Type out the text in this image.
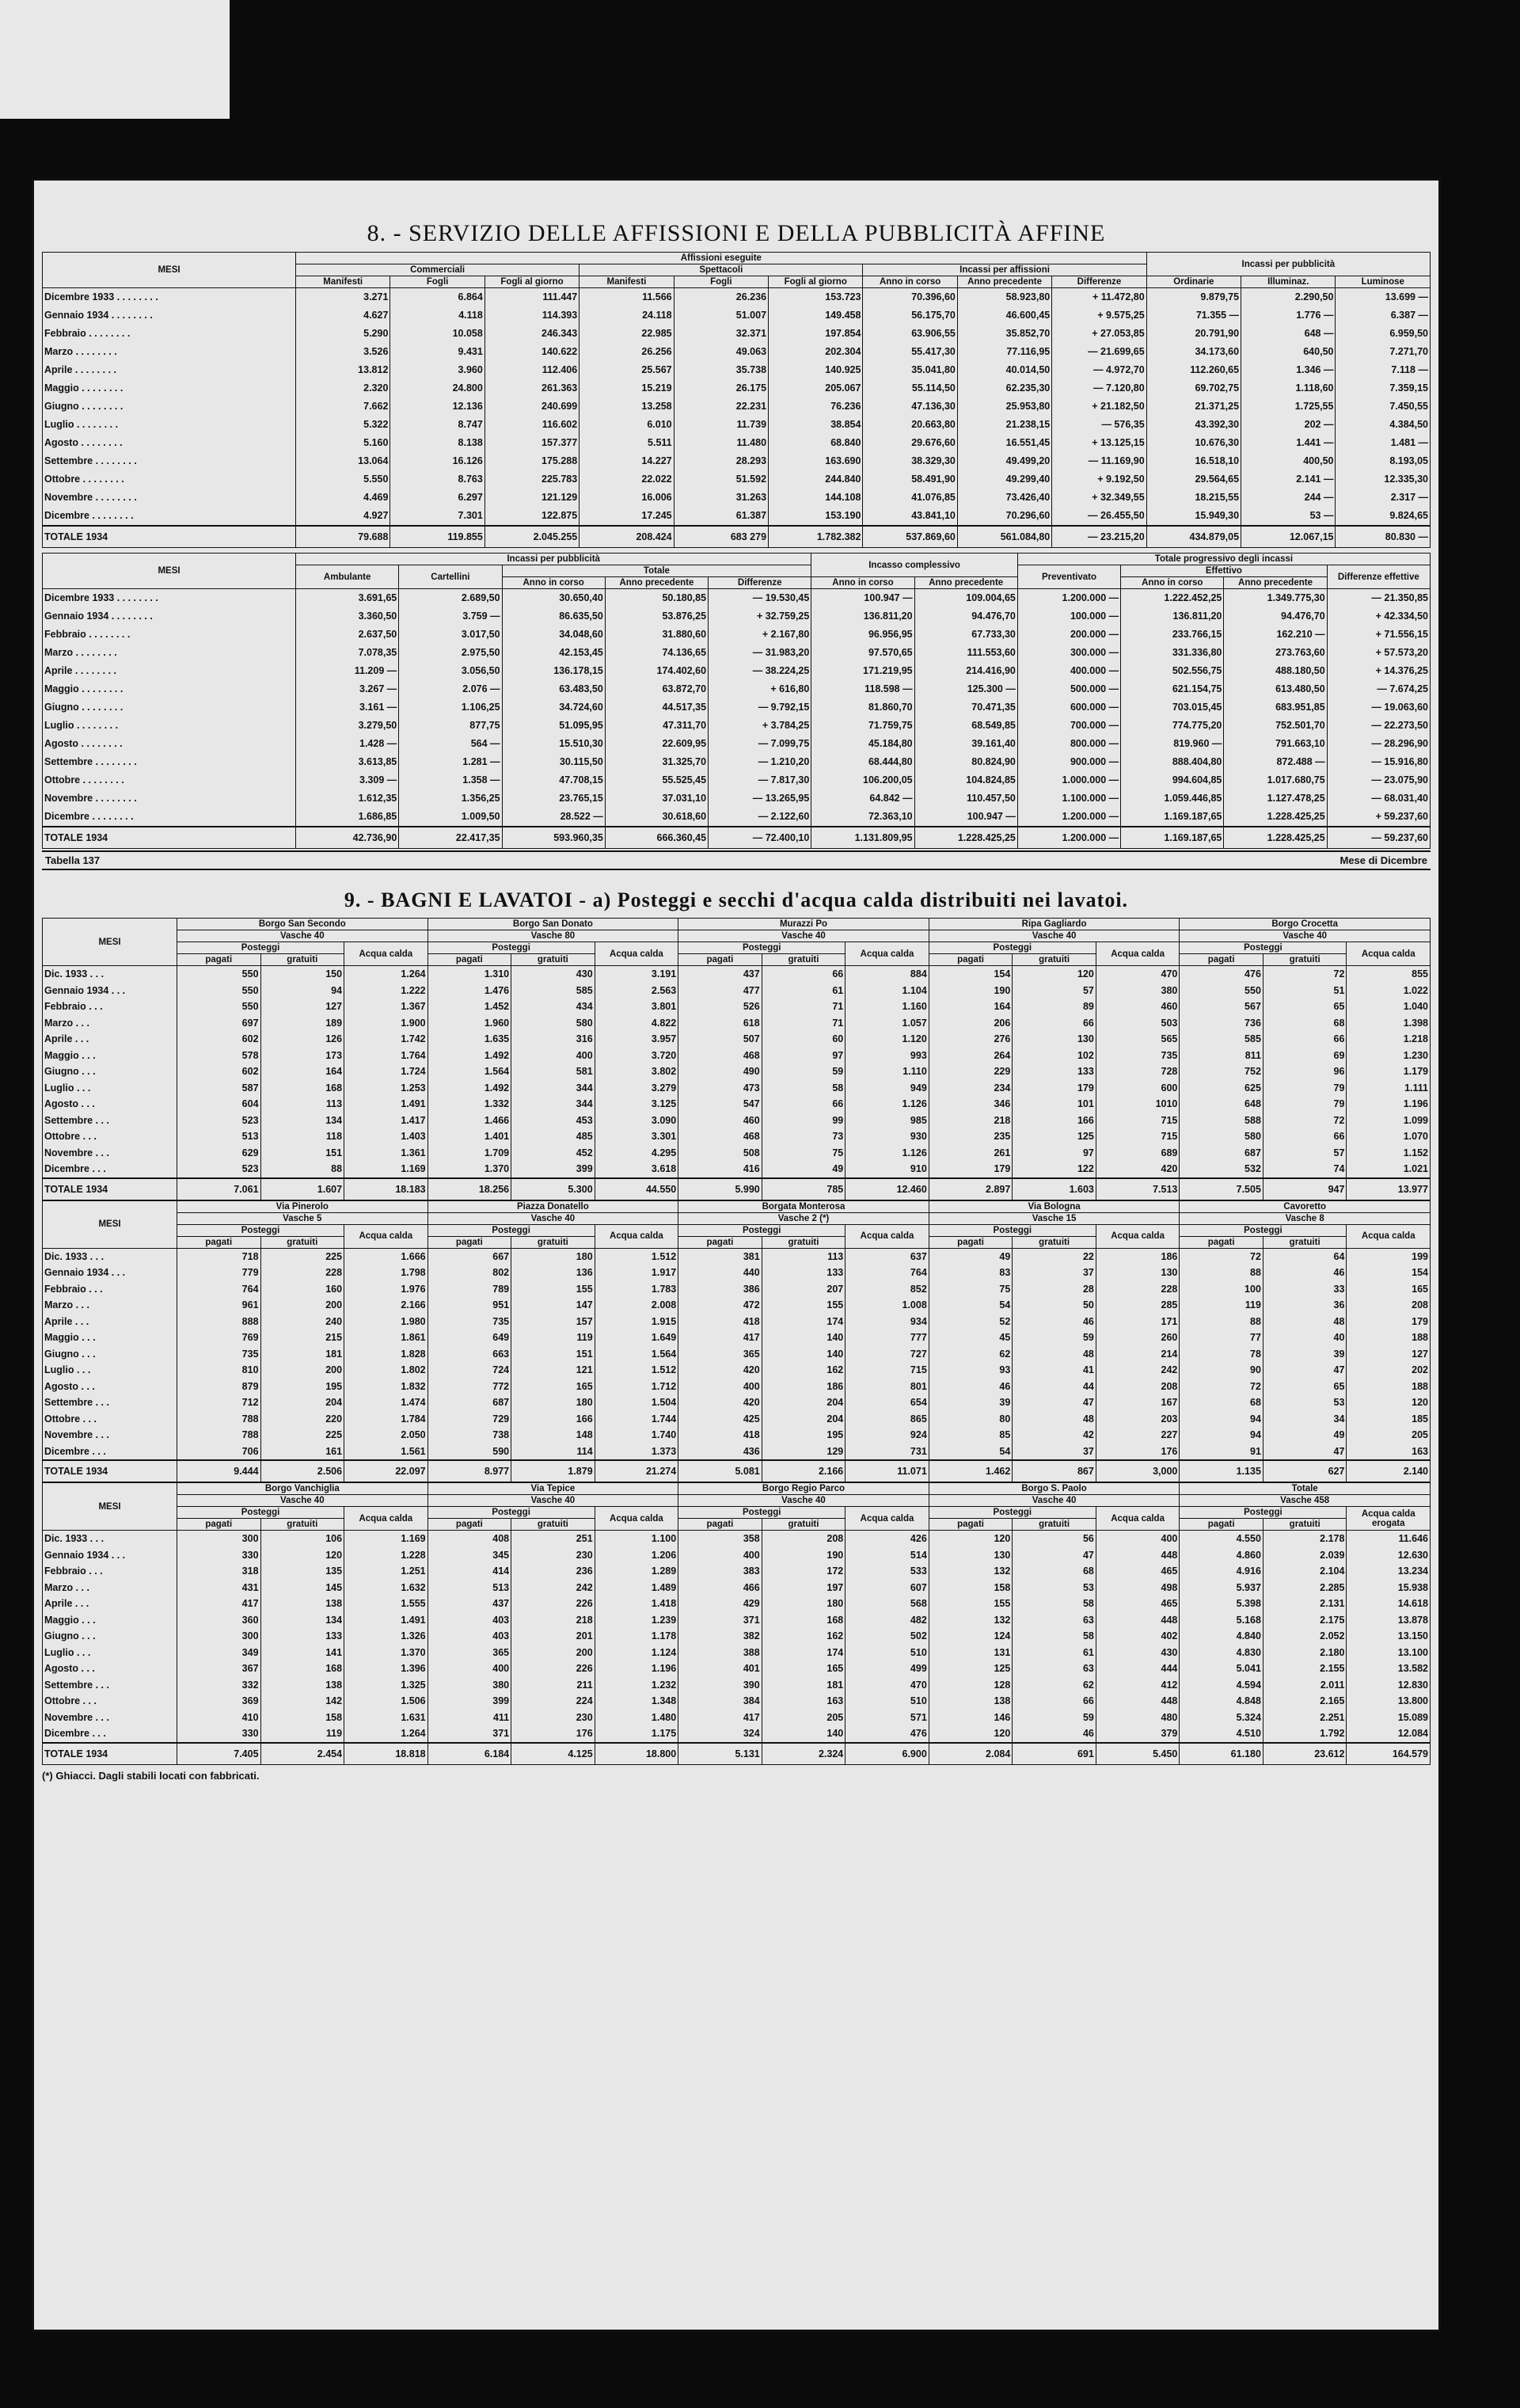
8. - SERVIZIO DELLE AFFISSIONI E DELLA PUBBLICITÀ AFFINE
MESI	Affissioni eseguite									Incassi per pubblicità		
	Commerciali			Spettacoli			Incassi per affissioni					
	Manifesti	Fogli	Fogli al giorno	Manifesti	Fogli	Fogli al giorno	Anno in corso	Anno precedente	Differenze	Ordinarie	Illuminaz.	Luminose
Dicembre 1933 . . . . . . . .	3.271	6.864	111.447	11.566	26.236	153.723	70.396,60	58.923,80	+ 11.472,80	9.879,75	2.290,50	13.699 —
Gennaio 1934 . . . . . . . .	4.627	4.118	114.393	24.118	51.007	149.458	56.175,70	46.600,45	+ 9.575,25	71.355 —	1.776 —	6.387 —
Febbraio . . . . . . . .	5.290	10.058	246.343	22.985	32.371	197.854	63.906,55	35.852,70	+ 27.053,85	20.791,90	648 —	6.959,50
Marzo . . . . . . . .	3.526	9.431	140.622	26.256	49.063	202.304	55.417,30	77.116,95	— 21.699,65	34.173,60	640,50	7.271,70
Aprile . . . . . . . .	13.812	3.960	112.406	25.567	35.738	140.925	35.041,80	40.014,50	— 4.972,70	112.260,65	1.346 —	7.118 —
Maggio . . . . . . . .	2.320	24.800	261.363	15.219	26.175	205.067	55.114,50	62.235,30	— 7.120,80	69.702,75	1.118,60	7.359,15
Giugno . . . . . . . .	7.662	12.136	240.699	13.258	22.231	76.236	47.136,30	25.953,80	+ 21.182,50	21.371,25	1.725,55	7.450,55
Luglio . . . . . . . .	5.322	8.747	116.602	6.010	11.739	38.854	20.663,80	21.238,15	— 576,35	43.392,30	202 —	4.384,50
Agosto . . . . . . . .	5.160	8.138	157.377	5.511	11.480	68.840	29.676,60	16.551,45	+ 13.125,15	10.676,30	1.441 —	1.481 —
Settembre . . . . . . . .	13.064	16.126	175.288	14.227	28.293	163.690	38.329,30	49.499,20	— 11.169,90	16.518,10	400,50	8.193,05
Ottobre . . . . . . . .	5.550	8.763	225.783	22.022	51.592	244.840	58.491,90	49.299,40	+ 9.192,50	29.564,65	2.141 —	12.335,30
Novembre . . . . . . . .	4.469	6.297	121.129	16.006	31.263	144.108	41.076,85	73.426,40	+ 32.349,55	18.215,55	244 —	2.317 —
Dicembre . . . . . . . .	4.927	7.301	122.875	17.245	61.387	153.190	43.841,10	70.296,60	— 26.455,50	15.949,30	53 —	9.824,65
TOTALE 1934	79.688	119.855	2.045.255	208.424	683 279	1.782.382	537.869,60	561.084,80	— 23.215,20	434.879,05	12.067,15	80.830 —
MESI	Incassi per pubblicità					Incasso complessivo		Totale progressivo degli incassi			
	Ambulante	Cartellini	Totale					Preventivato	Effettivo		Differenze effettive
			Anno in corso	Anno precedente	Differenze	Anno in corso	Anno precedente		Anno in corso	Anno precedente	
Dicembre 1933 . . . . . . . .	3.691,65	2.689,50	30.650,40	50.180,85	— 19.530,45	100.947 —	109.004,65	1.200.000 —	1.222.452,25	1.349.775,30	— 21.350,85
Gennaio 1934 . . . . . . . .	3.360,50	3.759 —	86.635,50	53.876,25	+ 32.759,25	136.811,20	94.476,70	100.000 —	136.811,20	94.476,70	+ 42.334,50
Febbraio . . . . . . . .	2.637,50	3.017,50	34.048,60	31.880,60	+ 2.167,80	96.956,95	67.733,30	200.000 —	233.766,15	162.210 —	+ 71.556,15
Marzo . . . . . . . .	7.078,35	2.975,50	42.153,45	74.136,65	— 31.983,20	97.570,65	111.553,60	300.000 —	331.336,80	273.763,60	+ 57.573,20
Aprile . . . . . . . .	11.209 —	3.056,50	136.178,15	174.402,60	— 38.224,25	171.219,95	214.416,90	400.000 —	502.556,75	488.180,50	+ 14.376,25
Maggio . . . . . . . .	3.267 —	2.076 —	63.483,50	63.872,70	+ 616,80	118.598 —	125.300 —	500.000 —	621.154,75	613.480,50	— 7.674,25
Giugno . . . . . . . .	3.161 —	1.106,25	34.724,60	44.517,35	— 9.792,15	81.860,70	70.471,35	600.000 —	703.015,45	683.951,85	— 19.063,60
Luglio . . . . . . . .	3.279,50	877,75	51.095,95	47.311,70	+ 3.784,25	71.759,75	68.549,85	700.000 —	774.775,20	752.501,70	— 22.273,50
Agosto . . . . . . . .	1.428 —	564 —	15.510,30	22.609,95	— 7.099,75	45.184,80	39.161,40	800.000 —	819.960 —	791.663,10	— 28.296,90
Settembre . . . . . . . .	3.613,85	1.281 —	30.115,50	31.325,70	— 1.210,20	68.444,80	80.824,90	900.000 —	888.404,80	872.488 —	— 15.916,80
Ottobre . . . . . . . .	3.309 —	1.358 —	47.708,15	55.525,45	— 7.817,30	106.200,05	104.824,85	1.000.000 —	994.604,85	1.017.680,75	— 23.075,90
Novembre . . . . . . . .	1.612,35	1.356,25	23.765,15	37.031,10	— 13.265,95	64.842 —	110.457,50	1.100.000 —	1.059.446,85	1.127.478,25	— 68.031,40
Dicembre . . . . . . . .	1.686,85	1.009,50	28.522 —	30.618,60	— 2.122,60	72.363,10	100.947 —	1.200.000 —	1.169.187,65	1.228.425,25	+ 59.237,60
TOTALE 1934	42.736,90	22.417,35	593.960,35	666.360,45	— 72.400,10	1.131.809,95	1.228.425,25	1.200.000 —	1.169.187,65	1.228.425,25	— 59.237,60
Tabella 137	Mese di Dicembre
9. - BAGNI E LAVATOI - a) Posteggi e secchi d'acqua calda distribuiti nei lavatoi.
MESI	Borgo San Secondo			Borgo San Donato			Murazzi Po			Ripa Gagliardo			Borgo Crocetta		
	Vasche 40			Vasche 80			Vasche 40			Vasche 40			Vasche 40		
	Posteggi		Acqua calda	Posteggi		Acqua calda	Posteggi		Acqua calda	Posteggi		Acqua calda	Posteggi		Acqua calda
	pagati	gratuiti		pagati	gratuiti		pagati	gratuiti		pagati	gratuiti		pagati	gratuiti	
Dic. 1933 . . .	550	150	1.264	1.310	430	3.191	437	66	884	154	120	470	476	72	855
Gennaio 1934 . . .	550	94	1.222	1.476	585	2.563	477	61	1.104	190	57	380	550	51	1.022
Febbraio . . .	550	127	1.367	1.452	434	3.801	526	71	1.160	164	89	460	567	65	1.040
Marzo . . .	697	189	1.900	1.960	580	4.822	618	71	1.057	206	66	503	736	68	1.398
Aprile . . .	602	126	1.742	1.635	316	3.957	507	60	1.120	276	130	565	585	66	1.218
Maggio . . .	578	173	1.764	1.492	400	3.720	468	97	993	264	102	735	811	69	1.230
Giugno . . .	602	164	1.724	1.564	581	3.802	490	59	1.110	229	133	728	752	96	1.179
Luglio . . .	587	168	1.253	1.492	344	3.279	473	58	949	234	179	600	625	79	1.111
Agosto . . .	604	113	1.491	1.332	344	3.125	547	66	1.126	346	101	1010	648	79	1.196
Settembre . . .	523	134	1.417	1.466	453	3.090	460	99	985	218	166	715	588	72	1.099
Ottobre . . .	513	118	1.403	1.401	485	3.301	468	73	930	235	125	715	580	66	1.070
Novembre . . .	629	151	1.361	1.709	452	4.295	508	75	1.126	261	97	689	687	57	1.152
Dicembre . . .	523	88	1.169	1.370	399	3.618	416	49	910	179	122	420	532	74	1.021
TOTALE 1934	7.061	1.607	18.183	18.256	5.300	44.550	5.990	785	12.460	2.897	1.603	7.513	7.505	947	13.977
MESI	Via Pinerolo			Piazza Donatello			Borgata Monterosa			Via Bologna			Cavoretto		
	Vasche 5			Vasche 40			Vasche 2 (*)			Vasche 15			Vasche 8		
	Posteggi		Acqua calda	Posteggi		Acqua calda	Posteggi		Acqua calda	Posteggi		Acqua calda	Posteggi		Acqua calda
	pagati	gratuiti		pagati	gratuiti		pagati	gratuiti		pagati	gratuiti		pagati	gratuiti	
Dic. 1933 . . .	718	225	1.666	667	180	1.512	381	113	637	49	22	186	72	64	199
Gennaio 1934 . . .	779	228	1.798	802	136	1.917	440	133	764	83	37	130	88	46	154
Febbraio . . .	764	160	1.976	789	155	1.783	386	207	852	75	28	228	100	33	165
Marzo . . .	961	200	2.166	951	147	2.008	472	155	1.008	54	50	285	119	36	208
Aprile . . .	888	240	1.980	735	157	1.915	418	174	934	52	46	171	88	48	179
Maggio . . .	769	215	1.861	649	119	1.649	417	140	777	45	59	260	77	40	188
Giugno . . .	735	181	1.828	663	151	1.564	365	140	727	62	48	214	78	39	127
Luglio . . .	810	200	1.802	724	121	1.512	420	162	715	93	41	242	90	47	202
Agosto . . .	879	195	1.832	772	165	1.712	400	186	801	46	44	208	72	65	188
Settembre . . .	712	204	1.474	687	180	1.504	420	204	654	39	47	167	68	53	120
Ottobre . . .	788	220	1.784	729	166	1.744	425	204	865	80	48	203	94	34	185
Novembre . . .	788	225	2.050	738	148	1.740	418	195	924	85	42	227	94	49	205
Dicembre . . .	706	161	1.561	590	114	1.373	436	129	731	54	37	176	91	47	163
TOTALE 1934	9.444	2.506	22.097	8.977	1.879	21.274	5.081	2.166	11.071	1.462	867	3,000	1.135	627	2.140
MESI	Borgo Vanchiglia			Via Tepice			Borgo Regio Parco			Borgo S. Paolo			Totale		
	Vasche 40			Vasche 40			Vasche 40			Vasche 40			Vasche 458		
	Posteggi		Acqua calda	Posteggi		Acqua calda	Posteggi		Acqua calda	Posteggi		Acqua calda	Posteggi		Acqua calda erogata
	pagati	gratuiti		pagati	gratuiti		pagati	gratuiti		pagati	gratuiti		pagati	gratuiti	
Dic. 1933 . . .	300	106	1.169	408	251	1.100	358	208	426	120	56	400	4.550	2.178	11.646
Gennaio 1934 . . .	330	120	1.228	345	230	1.206	400	190	514	130	47	448	4.860	2.039	12.630
Febbraio . . .	318	135	1.251	414	236	1.289	383	172	533	132	68	465	4.916	2.104	13.234
Marzo . . .	431	145	1.632	513	242	1.489	466	197	607	158	53	498	5.937	2.285	15.938
Aprile . . .	417	138	1.555	437	226	1.418	429	180	568	155	58	465	5.398	2.131	14.618
Maggio . . .	360	134	1.491	403	218	1.239	371	168	482	132	63	448	5.168	2.175	13.878
Giugno . . .	300	133	1.326	403	201	1.178	382	162	502	124	58	402	4.840	2.052	13.150
Luglio . . .	349	141	1.370	365	200	1.124	388	174	510	131	61	430	4.830	2.180	13.100
Agosto . . .	367	168	1.396	400	226	1.196	401	165	499	125	63	444	5.041	2.155	13.582
Settembre . . .	332	138	1.325	380	211	1.232	390	181	470	128	62	412	4.594	2.011	12.830
Ottobre . . .	369	142	1.506	399	224	1.348	384	163	510	138	66	448	4.848	2.165	13.800
Novembre . . .	410	158	1.631	411	230	1.480	417	205	571	146	59	480	5.324	2.251	15.089
Dicembre . . .	330	119	1.264	371	176	1.175	324	140	476	120	46	379	4.510	1.792	12.084
TOTALE 1934	7.405	2.454	18.818	6.184	4.125	18.800	5.131	2.324	6.900	2.084	691	5.450	61.180	23.612	164.579
(*) Ghiacci. Dagli stabili locati con fabbricati.
